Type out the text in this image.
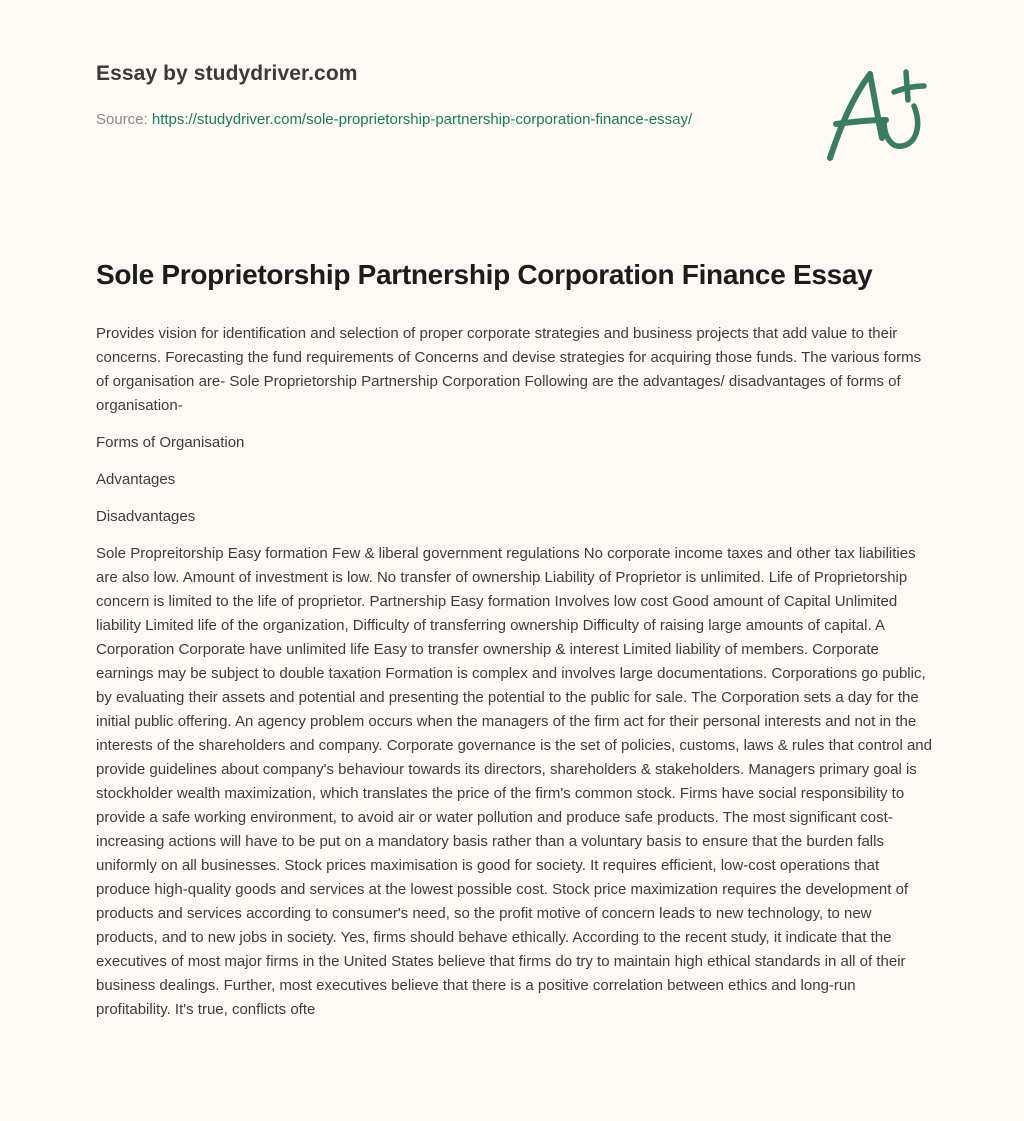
Essay by studydriver.com
Source: https://studydriver.com/sole-proprietorship-partnership-corporation-finance-essay/
Sole Proprietorship Partnership Corporation Finance Essay

Provides vision for identification and selection of proper corporate strategies and business projects that add value to their concerns. Forecasting the fund requirements of Concerns and devise strategies for acquiring those funds. The various forms of organisation are- Sole Proprietorship Partnership Corporation Following are the advantages/ disadvantages of forms of organisation-

Forms of Organisation

Advantages

Disadvantages

Sole Propreitorship Easy formation Few & liberal government regulations No corporate income taxes and other tax liabilities are also low. Amount of investment is low. No transfer of ownership Liability of Proprietor is unlimited. Life of Proprietorship concern is limited to the life of proprietor. Partnership Easy formation Involves low cost Good amount of Capital Unlimited liability Limited life of the organization, Difficulty of transferring ownership Difficulty of raising large amounts of capital. A Corporation Corporate have unlimited life Easy to transfer ownership & interest Limited liability of members. Corporate earnings may be subject to double taxation Formation is complex and involves large documentations. Corporations go public, by evaluating their assets and potential and presenting the potential to the public for sale. The Corporation sets a day for the initial public offering. An agency problem occurs when the managers of the firm act for their personal interests and not in the interests of the shareholders and company. Corporate governance is the set of policies, customs, laws & rules that control and provide guidelines about company's behaviour towards its directors, shareholders & stakeholders. Managers primary goal is stockholder wealth maximization, which translates the price of the firm's common stock. Firms have social responsibility to provide a safe working environment, to avoid air or water pollution and produce safe products. The most significant cost-increasing actions will have to be put on a mandatory basis rather than a voluntary basis to ensure that the burden falls uniformly on all businesses. Stock prices maximisation is good for society. It requires efficient, low-cost operations that produce high-quality goods and services at the lowest possible cost. Stock price maximization requires the development of products and services according to consumer's need, so the profit motive of concern leads to new technology, to new products, and to new jobs in society. Yes, firms should behave ethically. According to the recent study, it indicate that the executives of most major firms in the United States believe that firms do try to maintain high ethical standards in all of their business dealings. Further, most executives believe that there is a positive correlation between ethics and long-run profitability. It's true, conflicts ofte
